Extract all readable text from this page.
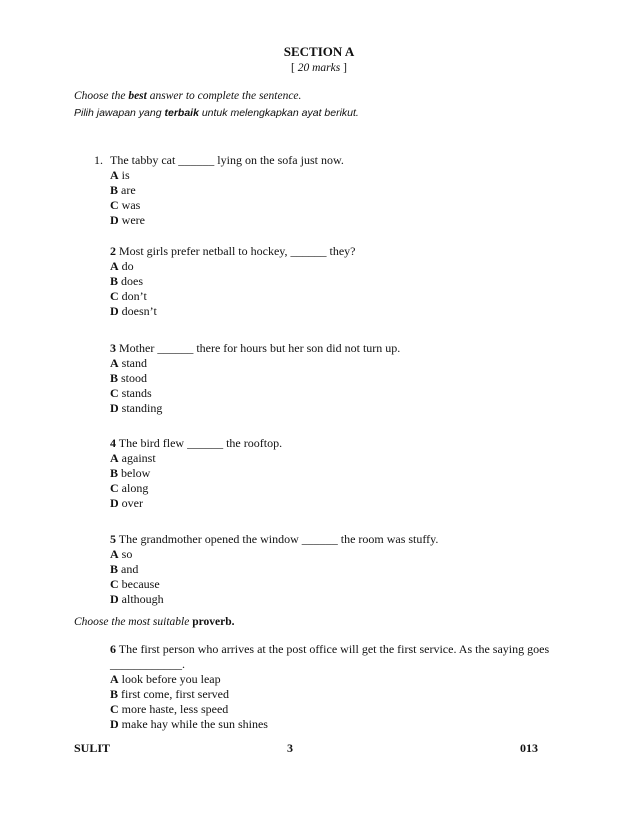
SECTION A
[ 20 marks ]
Choose the best answer to complete the sentence.
Pilih jawapan yang terbaik untuk melengkapkan ayat berikut.
1. The tabby cat ______ lying on the sofa just now.
A is
B are
C was
D were
2 Most girls prefer netball to hockey, ______ they?
A do
B does
C don’t
D doesn’t
3 Mother ______ there for hours but her son did not turn up.
A stand
B stood
C stands
D standing
4 The bird flew ______ the rooftop.
A against
B below
C along
D over
5 The grandmother opened the window ______ the room was stuffy.
A so
B and
C because
D although
Choose the most suitable proverb.
6 The first person who arrives at the post office will get the first service. As the saying goes
____________.
A look before you leap
B first come, first served
C more haste, less speed
D make hay while the sun shines
SULIT	3	013
